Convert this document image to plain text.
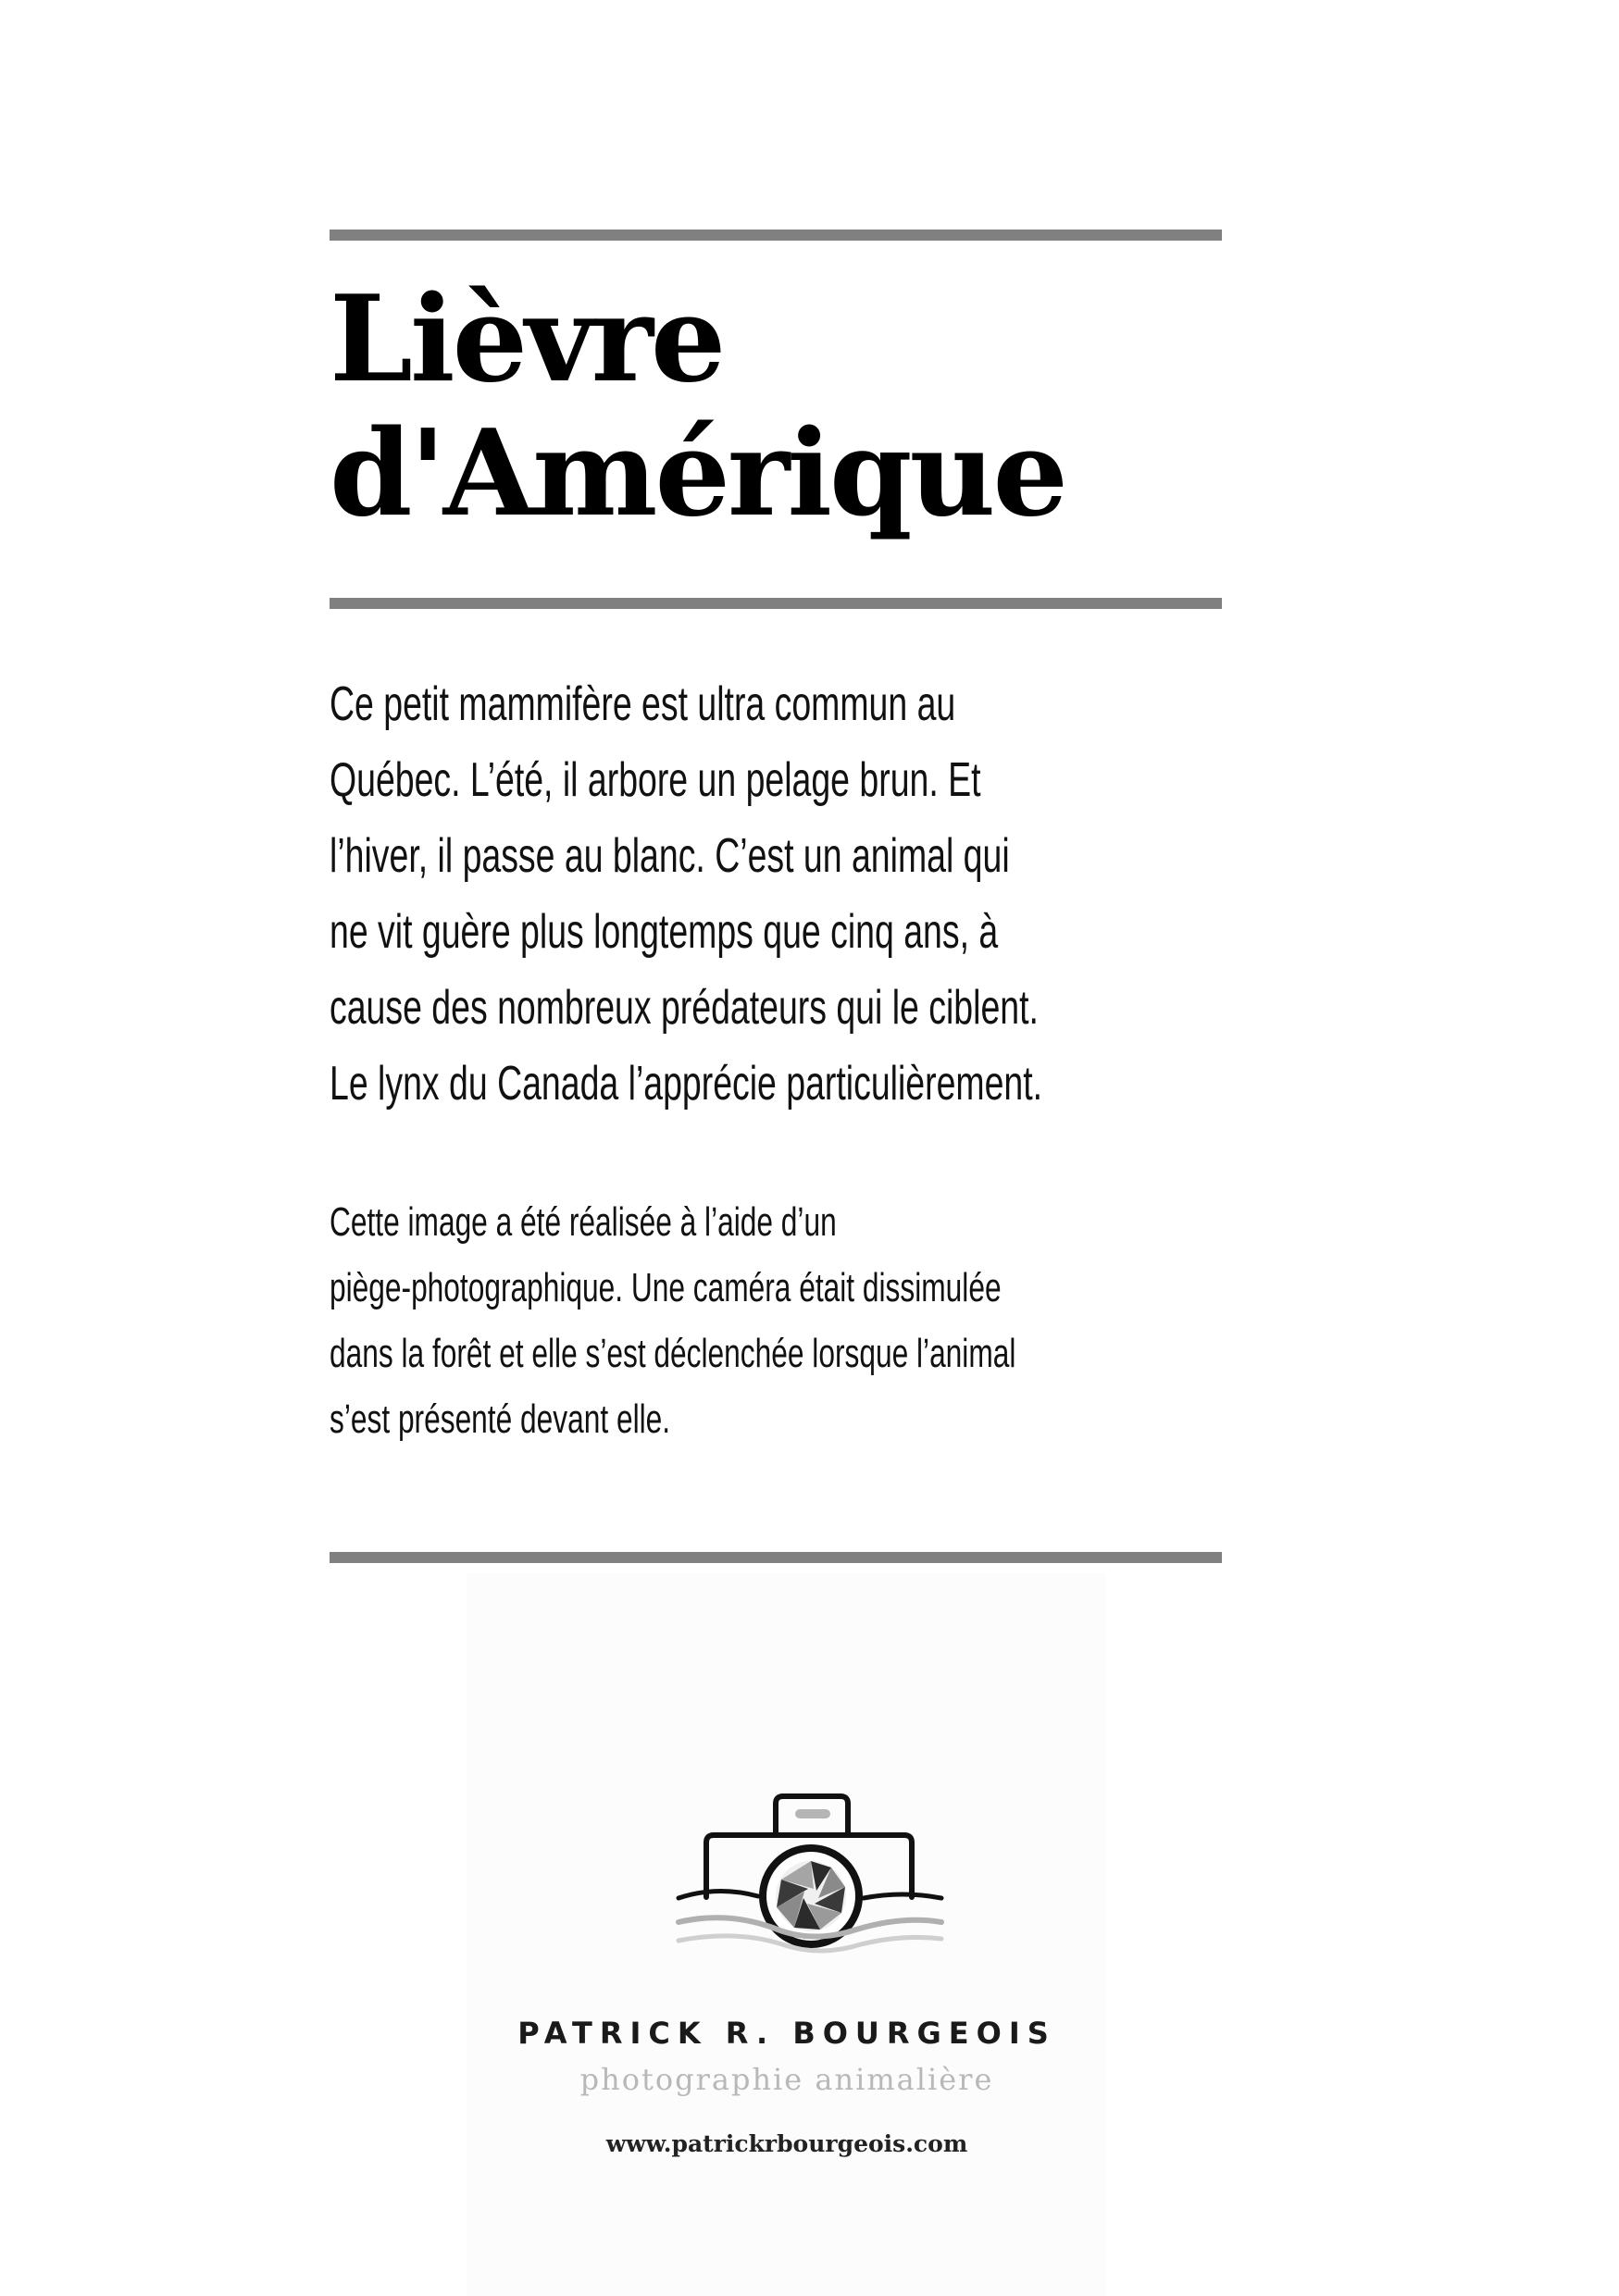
Lièvre
d'Amérique

Ce petit mammifère est ultra commun au
Québec. L’été, il arbore un pelage brun. Et
l’hiver, il passe au blanc. C’est un animal qui
ne vit guère plus longtemps que cinq ans, à
cause des nombreux prédateurs qui le ciblent.
Le lynx du Canada l’apprécie particulièrement.

Cette image a été réalisée à l’aide d’un
piège-photographique. Une caméra était dissimulée
dans la forêt et elle s’est déclenchée lorsque l’animal
s’est présenté devant elle.

PATRICK R. BOURGEOIS
photographie animalière
www.patrickrbourgeois.com
